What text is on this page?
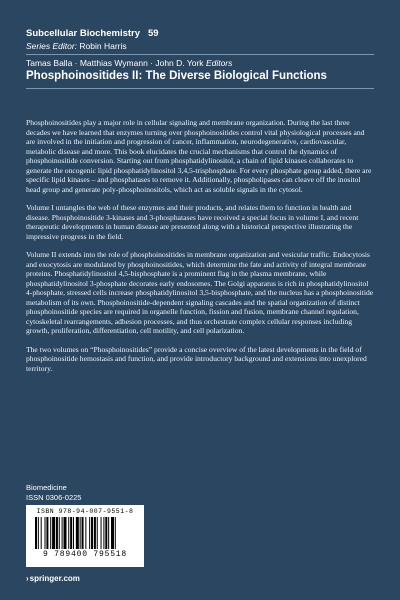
Subcellular Biochemistry 59
Series Editor: Robin Harris
Tamas Balla · Matthias Wymann · John D. York Editors
Phosphoinositides II: The Diverse Biological Functions

Phosphoinositides play a major role in cellular signaling and membrane organization. During the last three decades we have learned that enzymes turning over phosphoinositides control vital physiological processes and are involved in the initiation and progression of cancer, inflammation, neurodegenerative, cardiovascular, metabolic disease and more. This book elucidates the crucial mechanisms that control the dynamics of phosphoinositide conversion. Starting out from phosphatidylinositol, a chain of lipid kinases collaborates to generate the oncogenic lipid phosphatidylinositol 3,4,5-trisphosphate. For every phosphate group added, there are specific lipid kinases – and phosphatases to remove it. Additionally, phospholipases can cleave off the inositol head group and generate poly-phosphoinositols, which act as soluble signals in the cytosol.

Volume I untangles the web of these enzymes and their products, and relates them to function in health and disease. Phosphoinositide 3-kinases and 3-phosphatases have received a special focus in volume I, and recent therapeutic developments in human disease are presented along with a historical perspective illustrating the impressive progress in the field.

Volume II extends into the role of phosphoinositides in membrane organization and vesicular traffic. Endocytosis and exocytosis are modulated by phosphoinositides, which determine the fate and activity of integral membrane proteins. Phosphatidylinositol 4,5-bisphosphate is a prominent flag in the plasma membrane, while phosphatidylinositol 3-phosphate decorates early endosomes. The Golgi apparatus is rich in phosphatidylinositol 4-phosphate, stressed cells increase phosphatidylinositol 3,5-bisphosphate, and the nucleus has a phosphoinositide metabolism of its own. Phosphoinositide-dependent signaling cascades and the spatial organization of distinct phosphoinositide species are required in organelle function, fission and fusion, membrane channel regulation, cytoskeletal rearrangements, adhesion processes, and thus orchestrate complex cellular responses including growth, proliferation, differentiation, cell motility, and cell polarization.

The two volumes on “Phosphoinositides” provide a concise overview of the latest developments in the field of phosphoinositide hemostasis and function, and provide introductory background and extensions into unexplored territory.

Biomedicine
ISSN 0306-0225
ISBN 978-94-007-9551-8
9 789400 795518
›springer.com
